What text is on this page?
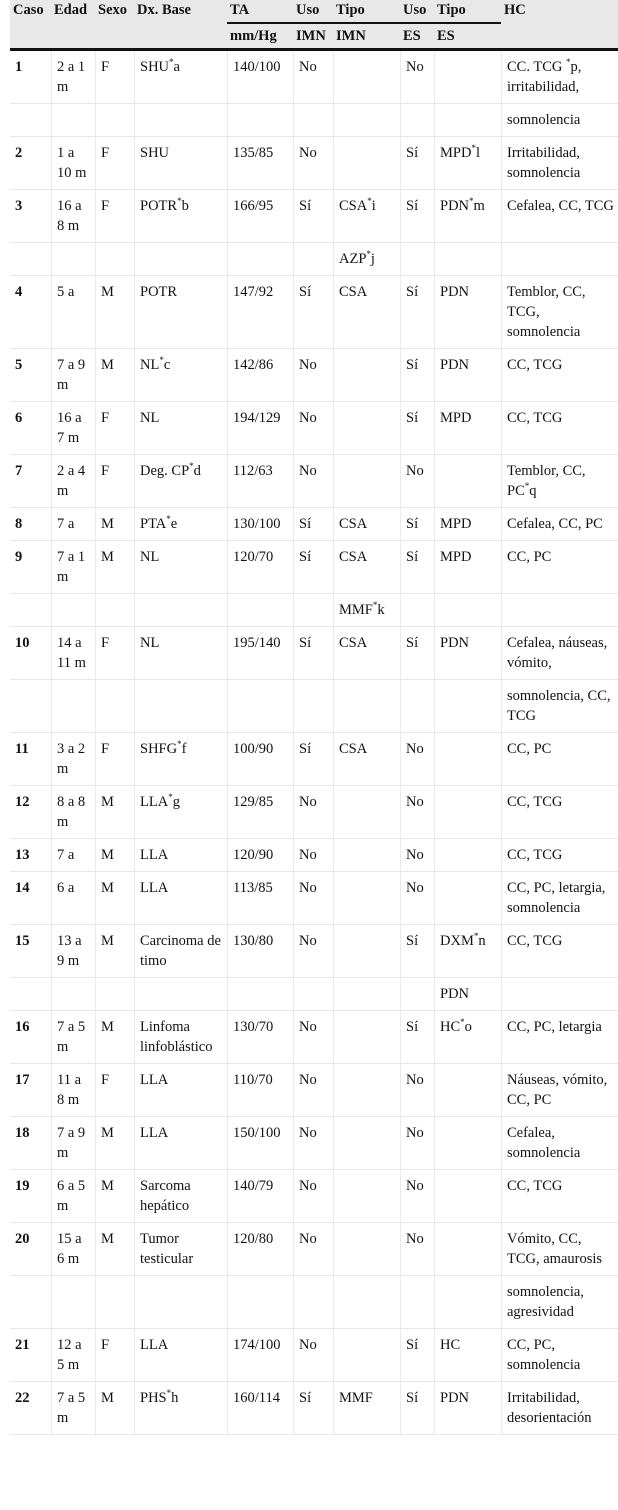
Caso	Edad	Sexo	Dx. Base	TA	Uso	Tipo	Uso	Tipo	HC
				mm/Hg	IMN	IMN	ES	ES	
1	2 a 1 m	F	SHU*a	140/100	No		No		CC. TCG *p, irritabilidad,
									somnolencia
2	1 a 10 m	F	SHU	135/85	No		Sí	MPD*l	Irritabilidad, somnolencia
3	16 a 8 m	F	POTR*b	166/95	Sí	CSA*i	Sí	PDN*m	Cefalea, CC, TCG
						AZP*j			
4	5 a	M	POTR	147/92	Sí	CSA	Sí	PDN	Temblor, CC, TCG, somnolencia
5	7 a 9 m	M	NL*c	142/86	No		Sí	PDN	CC, TCG
6	16 a 7 m	F	NL	194/129	No		Sí	MPD	CC, TCG
7	2 a 4 m	F	Deg. CP*d	112/63	No		No		Temblor, CC, PC*q
8	7 a	M	PTA*e	130/100	Sí	CSA	Sí	MPD	Cefalea, CC, PC
9	7 a 1 m	M	NL	120/70	Sí	CSA	Sí	MPD	CC, PC
						MMF*k			
10	14 a 11 m	F	NL	195/140	Sí	CSA	Sí	PDN	Cefalea, náuseas, vómito,
									somnolencia, CC, TCG
11	3 a 2 m	F	SHFG*f	100/90	Sí	CSA	No		CC, PC
12	8 a 8 m	M	LLA*g	129/85	No		No		CC, TCG
13	7 a	M	LLA	120/90	No		No		CC, TCG
14	6 a	M	LLA	113/85	No		No		CC, PC, letargia, somnolencia
15	13 a 9 m	M	Carcinoma de timo	130/80	No		Sí	DXM*n	CC, TCG
								PDN	
16	7 a 5 m	M	Linfoma linfoblástico	130/70	No		Sí	HC*o	CC, PC, letargia
17	11 a 8 m	F	LLA	110/70	No		No		Náuseas, vómito, CC, PC
18	7 a 9 m	M	LLA	150/100	No		No		Cefalea, somnolencia
19	6 a 5 m	M	Sarcoma hepático	140/79	No		No		CC, TCG
20	15 a 6 m	M	Tumor testicular	120/80	No		No		Vómito, CC, TCG, amaurosis
									somnolencia, agresividad
21	12 a 5 m	F	LLA	174/100	No		Sí	HC	CC, PC, somnolencia
22	7 a 5 m	M	PHS*h	160/114	Sí	MMF	Sí	PDN	Irritabilidad, desorientación
